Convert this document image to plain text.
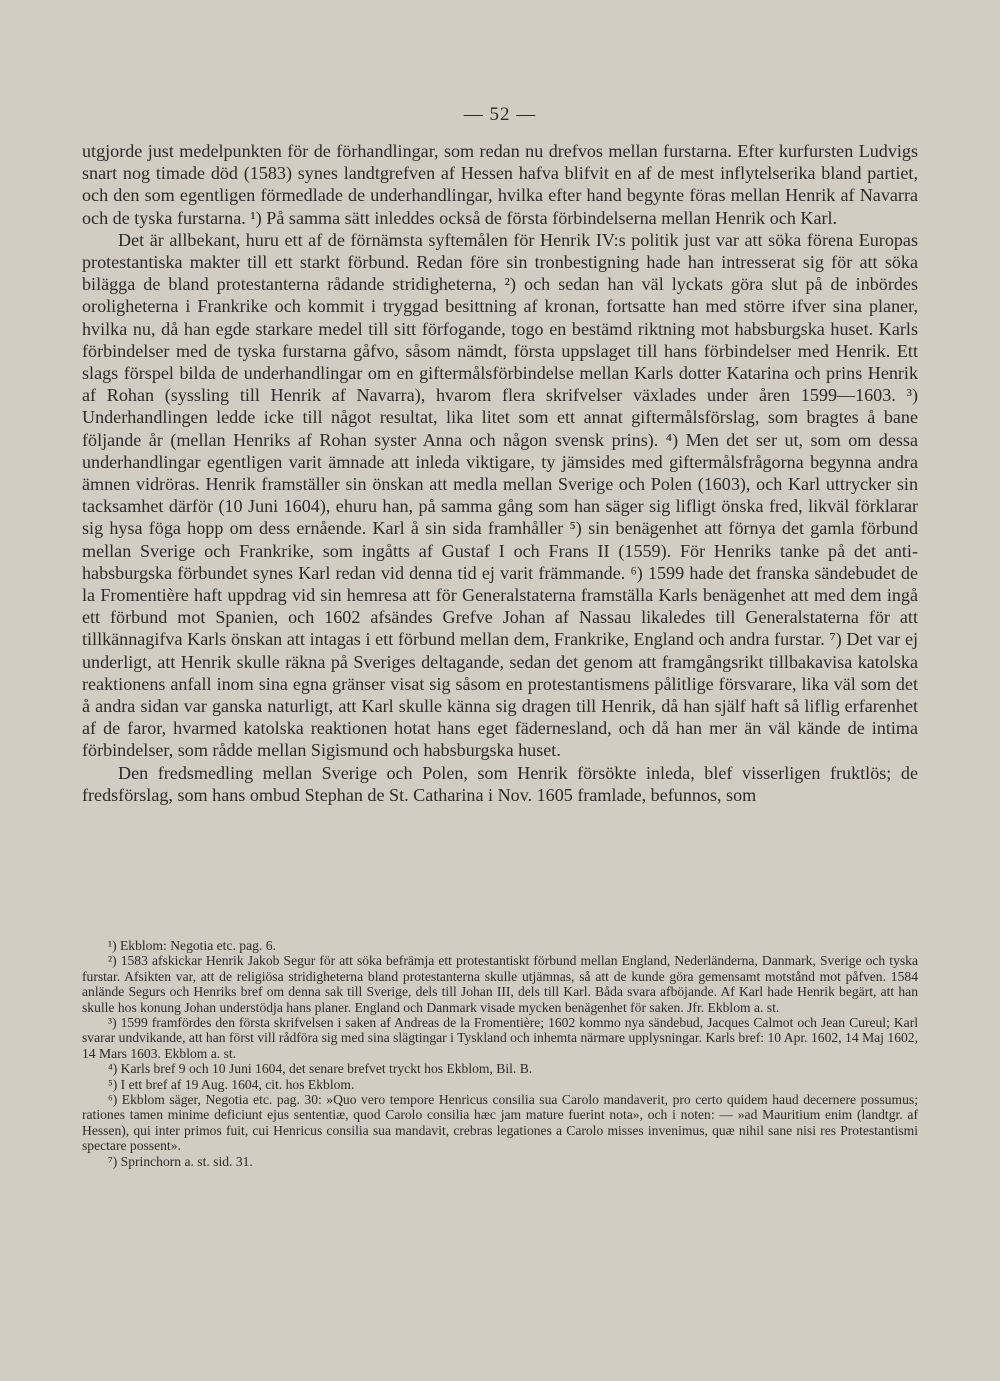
— 52 —

utgjorde just medelpunkten för de förhandlingar, som redan nu drefvos mellan furstarna. Efter kurfursten Ludvigs snart nog timade död (1583) synes landtgrefven af Hessen hafva blifvit en af de mest inflytelserika bland partiet, och den som egentligen förmedlade de underhandlingar, hvilka efter hand begynte föras mellan Henrik af Navarra och de tyska furstarna. ¹) På samma sätt inleddes också de första förbindelserna mellan Henrik och Karl.

Det är allbekant, huru ett af de förnämsta syftemålen för Henrik IV:s politik just var att söka förena Europas protestantiska makter till ett starkt förbund. Redan före sin tronbestigning hade han intresserat sig för att söka bilägga de bland protestanterna rådande stridigheterna, ²) och sedan han väl lyckats göra slut på de inbördes oroligheterna i Frankrike och kommit i tryggad besittning af kronan, fortsatte han med större ifver sina planer, hvilka nu, då han egde starkare medel till sitt förfogande, togo en bestämd riktning mot habsburgska huset. Karls förbindelser med de tyska furstarna gåfvo, såsom nämdt, första uppslaget till hans förbindelser med Henrik. Ett slags förspel bilda de underhandlingar om en giftermålsförbindelse mellan Karls dotter Katarina och prins Henrik af Rohan (syssling till Henrik af Navarra), hvarom flera skrifvelser växlades under åren 1599—1603. ³) Underhandlingen ledde icke till något resultat, lika litet som ett annat giftermålsförslag, som bragtes å bane följande år (mellan Henriks af Rohan syster Anna och någon svensk prins). ⁴) Men det ser ut, som om dessa underhandlingar egentligen varit ämnade att inleda viktigare, ty jämsides med giftermålsfrågorna begynna andra ämnen vidröras. Henrik framställer sin önskan att medla mellan Sverige och Polen (1603), och Karl uttrycker sin tacksamhet därför (10 Juni 1604), ehuru han, på samma gång som han säger sig lifligt önska fred, likväl förklarar sig hysa föga hopp om dess ernående. Karl å sin sida framhåller ⁵) sin benägenhet att förnya det gamla förbund mellan Sverige och Frankrike, som ingåtts af Gustaf I och Frans II (1559). För Henriks tanke på det anti-habsburgska förbundet synes Karl redan vid denna tid ej varit främmande. ⁶) 1599 hade det franska sändebudet de la Fromentière haft uppdrag vid sin hemresa att för Generalstaterna framställa Karls benägenhet att med dem ingå ett förbund mot Spanien, och 1602 afsändes Grefve Johan af Nassau likaledes till Generalstaterna för att tillkännagifva Karls önskan att intagas i ett förbund mellan dem, Frankrike, England och andra furstar. ⁷) Det var ej underligt, att Henrik skulle räkna på Sveriges deltagande, sedan det genom att framgångsrikt tillbakavisa katolska reaktionens anfall inom sina egna gränser visat sig såsom en protestantismens pålitlige försvarare, lika väl som det å andra sidan var ganska naturligt, att Karl skulle känna sig dragen till Henrik, då han själf haft så liflig erfarenhet af de faror, hvarmed katolska reaktionen hotat hans eget fädernesland, och då han mer än väl kände de intima förbindelser, som rådde mellan Sigismund och habsburgska huset.

Den fredsmedling mellan Sverige och Polen, som Henrik försökte inleda, blef visserligen fruktlös; de fredsförslag, som hans ombud Stephan de St. Catharina i Nov. 1605 framlade, befunnos, som

¹) Ekblom: Negotia etc. pag. 6.

²) 1583 afskickar Henrik Jakob Segur för att söka befrämja ett protestantiskt förbund mellan England, Nederländerna, Danmark, Sverige och tyska furstar. Afsikten var, att de religiösa stridigheterna bland protestanterna skulle utjämnas, så att de kunde göra gemensamt motstånd mot påfven. 1584 anlände Segurs och Henriks bref om denna sak till Sverige, dels till Johan III, dels till Karl. Båda svara afböjande. Af Karl hade Henrik begärt, att han skulle hos konung Johan understödja hans planer. England och Danmark visade mycken benägenhet för saken. Jfr. Ekblom a. st.

³) 1599 framfördes den första skrifvelsen i saken af Andreas de la Fromentière; 1602 kommo nya sändebud, Jacques Calmot och Jean Cureul; Karl svarar undvikande, att han först vill rådföra sig med sina slägtingar i Tyskland och inhemta närmare upplysningar. Karls bref: 10 Apr. 1602, 14 Maj 1602, 14 Mars 1603. Ekblom a. st.

⁴) Karls bref 9 och 10 Juni 1604, det senare brefvet tryckt hos Ekblom, Bil. B.

⁵) I ett bref af 19 Aug. 1604, cit. hos Ekblom.

⁶) Ekblom säger, Negotia etc. pag. 30: »Quo vero tempore Henricus consilia sua Carolo mandaverit, pro certo quidem haud decernere possumus; rationes tamen minime deficiunt ejus sententiæ, quod Carolo consilia hæc jam mature fuerint nota», och i noten: — »ad Mauritium enim (landtgr. af Hessen), qui inter primos fuit, cui Henricus consilia sua mandavit, crebras legationes a Carolo misses invenimus, quæ nihil sane nisi res Protestantismi spectare possent».

⁷) Sprinchorn a. st. sid. 31.
